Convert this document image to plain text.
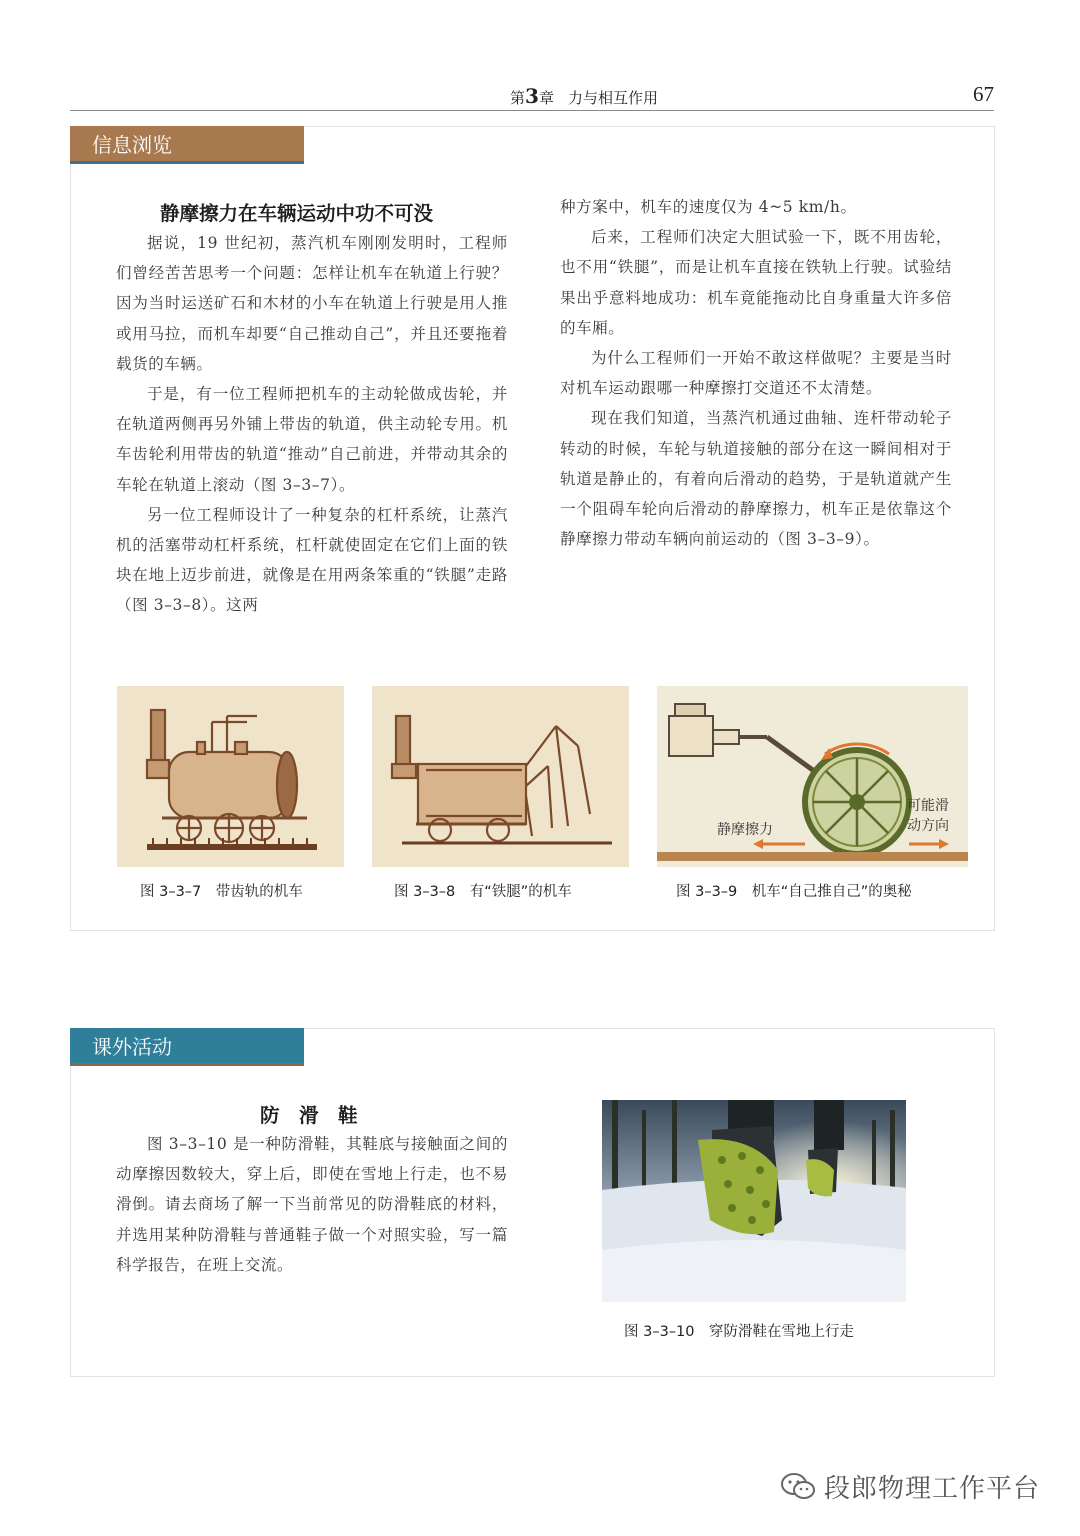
第3章 力与相互作用	67
信息浏览
静摩擦力在车辆运动中功不可没

据说，19 世纪初，蒸汽机车刚刚发明时，工程师们曾经苦苦思考一个问题：怎样让机车在轨道上行驶？因为当时运送矿石和木材的小车在轨道上行驶是用人推或用马拉，而机车却要“自己推动自己”，并且还要拖着载货的车辆。

于是，有一位工程师把机车的主动轮做成齿轮，并在轨道两侧再另外铺上带齿的轨道，供主动轮专用。机车齿轮利用带齿的轨道“推动”自己前进，并带动其余的车轮在轨道上滚动（图 3–3–7）。

另一位工程师设计了一种复杂的杠杆系统，让蒸汽机的活塞带动杠杆系统，杠杆就使固定在它们上面的铁块在地上迈步前进，就像是在用两条笨重的“铁腿”走路（图 3–3–8）。这两

种方案中，机车的速度仅为 4~5 km/h。

后来，工程师们决定大胆试验一下，既不用齿轮，也不用“铁腿”，而是让机车直接在铁轨上行驶。试验结果出乎意料地成功：机车竟能拖动比自身重量大许多倍的车厢。

为什么工程师们一开始不敢这样做呢？主要是当时对机车运动跟哪一种摩擦打交道还不太清楚。

现在我们知道，当蒸汽机通过曲轴、连杆带动轮子转动的时候，车轮与轨道接触的部分在这一瞬间相对于轨道是静止的，有着向后滑动的趋势，于是轨道就产生一个阻碍车轮向后滑动的静摩擦力，机车正是依靠这个静摩擦力带动车辆向前运动的（图 3–3–9）。

图 3–3–7　带齿轨的机车	图 3–3–8　有“铁腿”的机车
静摩擦力
可能滑
动方向
图 3–3–9　机车“自己推自己”的奥秘
课外活动
防　滑　鞋

图 3–3–10 是一种防滑鞋，其鞋底与接触面之间的动摩擦因数较大，穿上后，即使在雪地上行走，也不易滑倒。请去商场了解一下当前常见的防滑鞋底的材料，并选用某种防滑鞋与普通鞋子做一个对照实验，写一篇科学报告，在班上交流。

图 3–3–10　穿防滑鞋在雪地上行走
段郎物理工作平台
